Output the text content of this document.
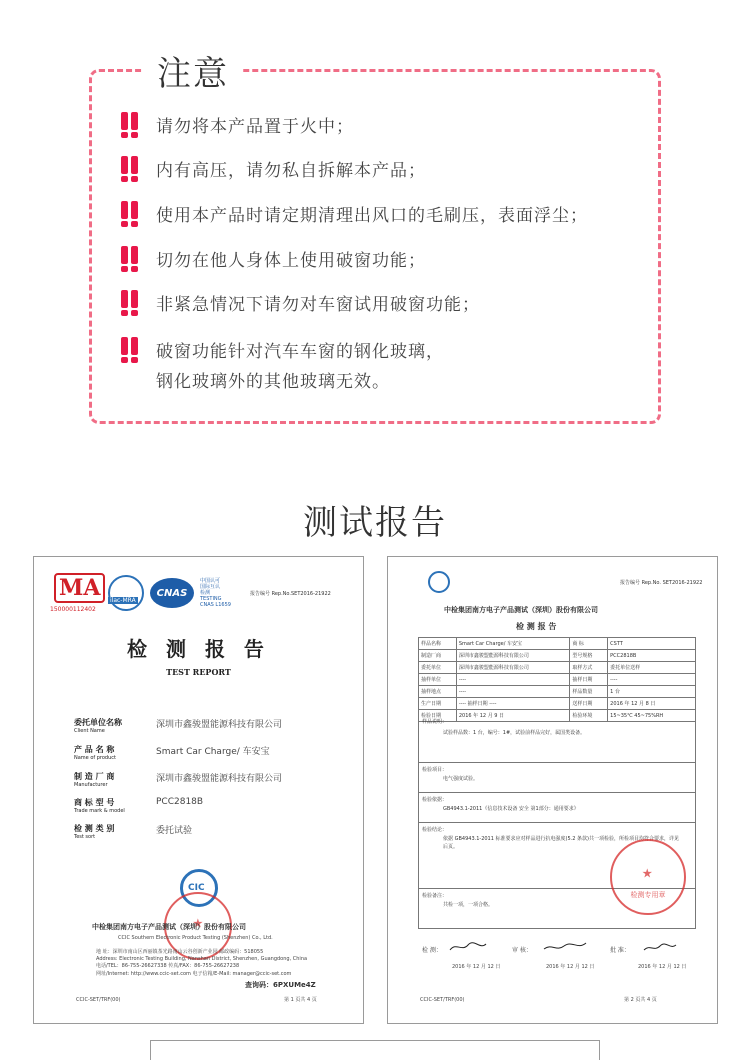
注意
请勿将本产品置于火中；
内有高压，请勿私自拆解本产品；
使用本产品时请定期清理出风口的毛刷压，表面浮尘；
切勿在他人身体上使用破窗功能；
非紧急情况下请勿对车窗试用破窗功能；
破窗功能针对汽车车窗的钢化玻璃，
钢化玻璃外的其他玻璃无效。
测试报告
MA
150000112402
ilac-MRA
CNAS
中国认可
国际互认
检测
TESTING
CNAS L1659
报告编号 Rep.No.SET2016-21922
检 测 报 告
TEST REPORT
委托单位名称
Client Name
深圳市鑫骏盟能源科技有限公司
产 品 名 称
Name of product
Smart Car Charge/ 车安宝
制 造 厂 商
Manufacturer
深圳市鑫骏盟能源科技有限公司
商 标 型 号
Trade mark & model
PCC2818B
检 测 类 别
Test sort
委托试验
CIC
中检集团南方电子产品测试（深圳）股份有限公司
CCIC Southern Electronic Product Testing (Shenzhen) Co., Ltd.
地 址：深圳市南山区西丽镇茶光路南山云谷创新产业园 邮政编码：518055
Address: Electronic Testing Building, Nanshan District, Shenzhen, Guangdong, China
电话/TEL：86-755-26627338 传真/FAX：86-755-26627238
网址/Internet: http://www.ccic-set.com 电子信箱/E-Mail: manager@ccic-set.com
查询码：6PXUMe4Z
CCIC-SET/TRF(00)	第 1 页共 4 页
报告编号 Rep.No. SET2016-21922
中检集团南方电子产品测试（深圳）股份有限公司
检 测 报 告
样品名称	Smart Car Charge/ 车安宝	商 标	CSTT
制造厂商	深圳市鑫骏盟能源科技有限公司	型号规格	PCC2818B
委托单位	深圳市鑫骏盟能源科技有限公司	取样方式	委托单位送样
抽样单位	----	抽样日期	----
抽样地点	----	样品数量	1 台
生产日期	---- 抽样日期 ----	送样日期	2016 年 12 月 8 日
检验日期	2016 年 12 月 9 日	检验环境	15~35℃ 45~75%RH
样品说明：
试验样品数：1 台，编号：1#，试验前样品完好，属国类设备。
检验项目：
电气强度试验。
检验依据：
GB4943.1-2011《信息技术设备 安全 第1部分：通用要求》
检验结论：
依据 GB4943.1-2011 标准要求应对样品进行抗电强度(5.2 条款)共一项检验，所检项目均符合要求，详见后页。
检验备注：
共检一项，一项合格。
检测专用章
检 测：	审 核：	批 准：
2016 年 12 月 12 日	2016 年 12 月 12 日	2016 年 12 月 12 日
CCIC-SET/TRF(00)	第 2 页共 4 页
